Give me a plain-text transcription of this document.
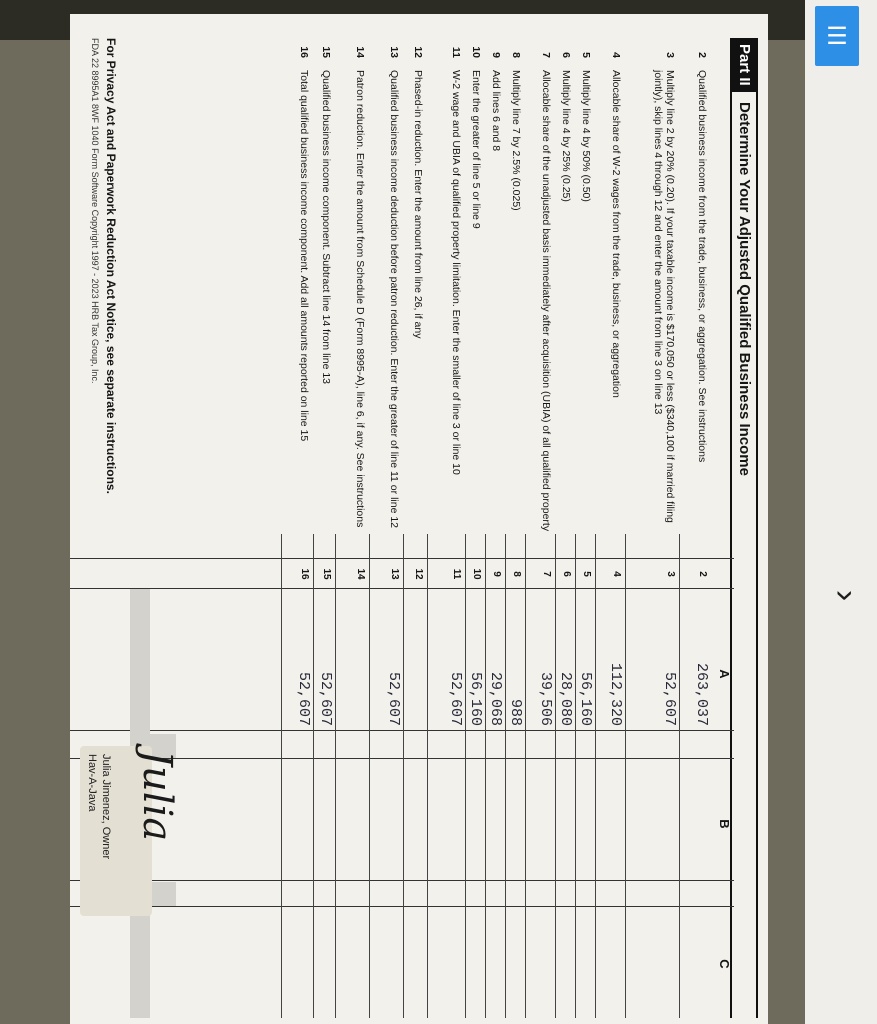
☰
›
Part II
Determine Your Adjusted Qualified Business Income
A
B
C
2
Qualified business income from the trade, business, or aggregation. See instructions
2
263,037
3
Multiply line 2 by 20% (0.20). If your taxable income is $170,050 or less ($340,100 if married filing jointly), skip lines 4 through 12 and enter the amount from line 3 on line 13
3
52,607
4
Allocable share of W-2 wages from the trade, business, or aggregation
4
112,320
5
Multiply line 4 by 50% (0.50)
5
56,160
6
Multiply line 4 by 25% (0.25)
6
28,080
7
Allocable share of the unadjusted basis immediately after acquisition (UBIA) of all qualified property
7
39,506
8
Multiply line 7 by 2.5% (0.025)
8
988
9
Add lines 6 and 8
9
29,068
10
Enter the greater of line 5 or line 9
10
56,160
11
W-2 wage and UBIA of qualified property limitation. Enter the smaller of line 3 or line 10
11
52,607
12
Phased-in reduction. Enter the amount from line 26, if any
12
13
Qualified business income deduction before patron reduction. Enter the greater of line 11 or line 12
13
52,607
14
Patron reduction. Enter the amount from Schedule D (Form 8995-A), line 6, if any. See instructions
14
15
Qualified business income component. Subtract line 14 from line 13
15
52,607
16
Total qualified business income component. Add all amounts reported on line 15
16
52,607
For Privacy Act and Paperwork Reduction Act Notice, see separate instructions.
FDA 22 8995A1 8WF 1040 Form Software Copyright 1997 - 2023 HRB Tax Group, Inc.
Julia
Julia Jimenez, Owner
Hav-A-Java
